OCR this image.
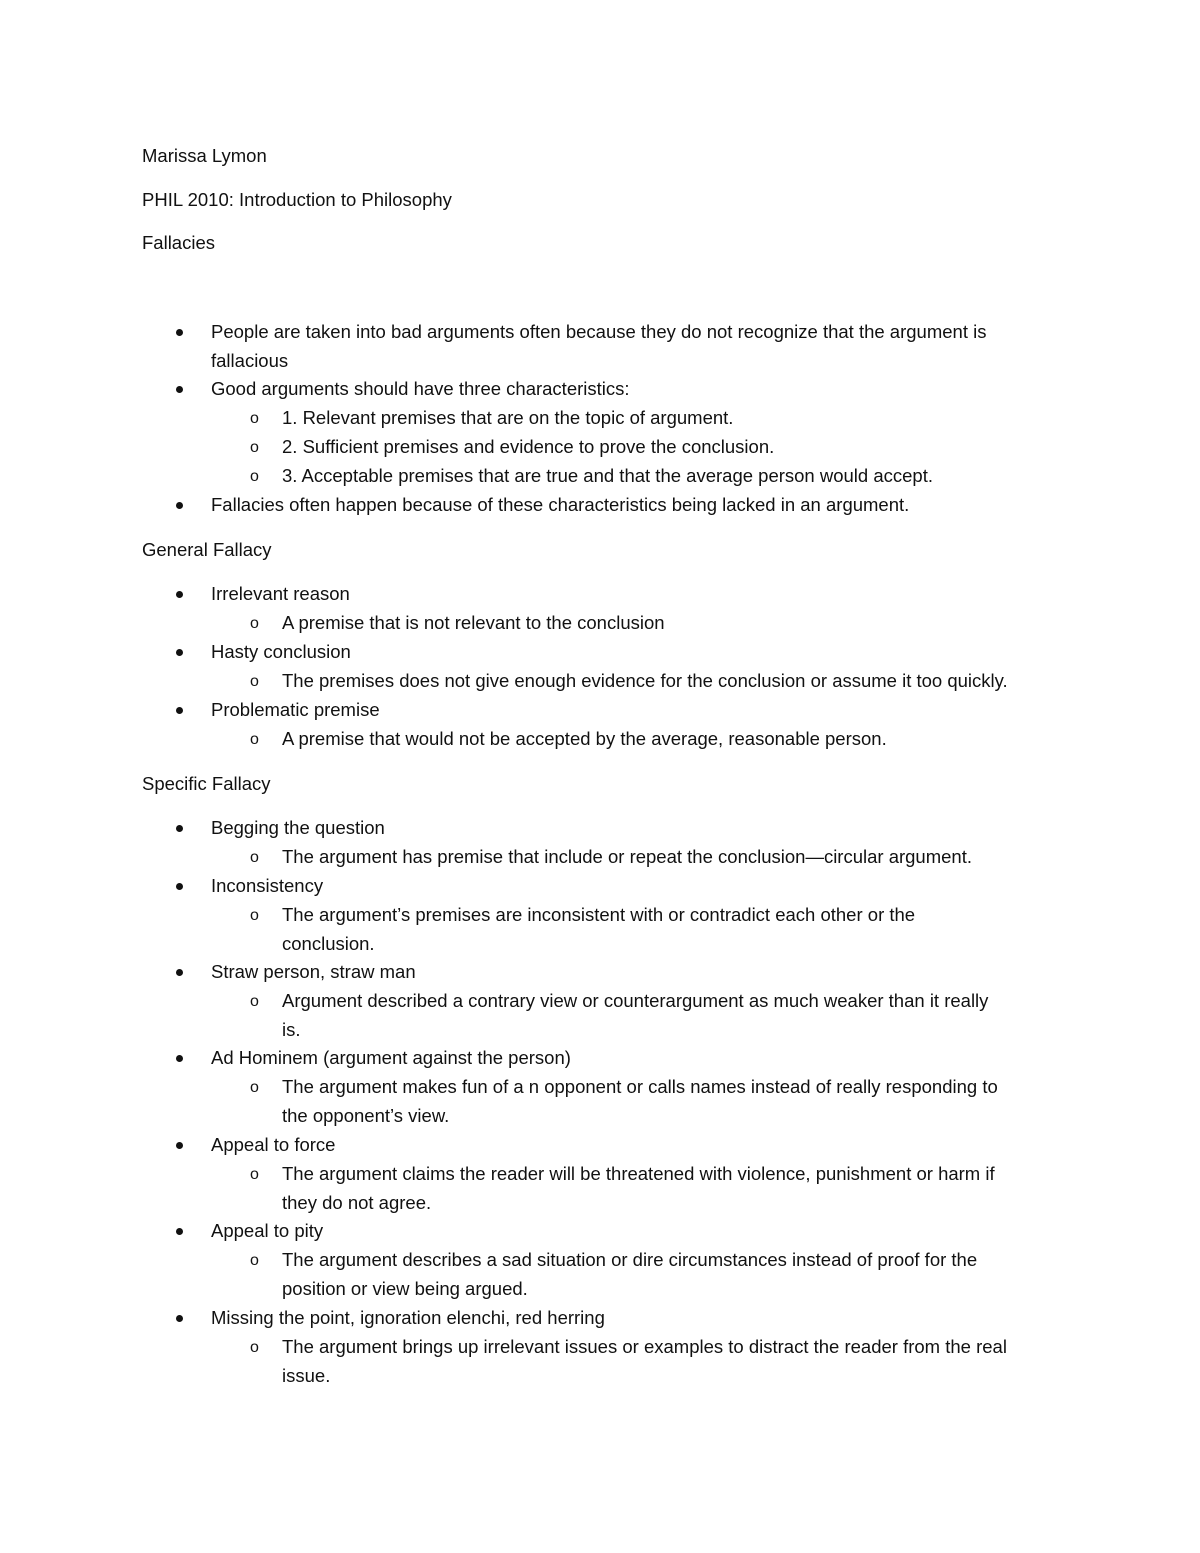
Marissa Lymon
PHIL 2010: Introduction to Philosophy
Fallacies
People are taken into bad arguments often because they do not recognize that the argument is
fallacious
Good arguments should have three characteristics:
o 1. Relevant premises that are on the topic of argument.
o 2. Sufficient premises and evidence to prove the conclusion.
o 3. Acceptable premises that are true and that the average person would accept.
Fallacies often happen because of these characteristics being lacked in an argument.
General Fallacy
Irrelevant reason
o A premise that is not relevant to the conclusion
Hasty conclusion
o The premises does not give enough evidence for the conclusion or assume it too quickly.
Problematic premise
o A premise that would not be accepted by the average, reasonable person.
Specific Fallacy
Begging the question
o The argument has premise that include or repeat the conclusion—circular argument.
Inconsistency
o The argument’s premises are inconsistent with or contradict each other or the
conclusion.
Straw person, straw man
o Argument described a contrary view or counterargument as much weaker than it really
is.
Ad Hominem (argument against the person)
o The argument makes fun of a n opponent or calls names instead of really responding to
the opponent’s view.
Appeal to force
o The argument claims the reader will be threatened with violence, punishment or harm if
they do not agree.
Appeal to pity
o The argument describes a sad situation or dire circumstances instead of proof for the
position or view being argued.
Missing the point, ignoration elenchi, red herring
o The argument brings up irrelevant issues or examples to distract the reader from the real
issue.
